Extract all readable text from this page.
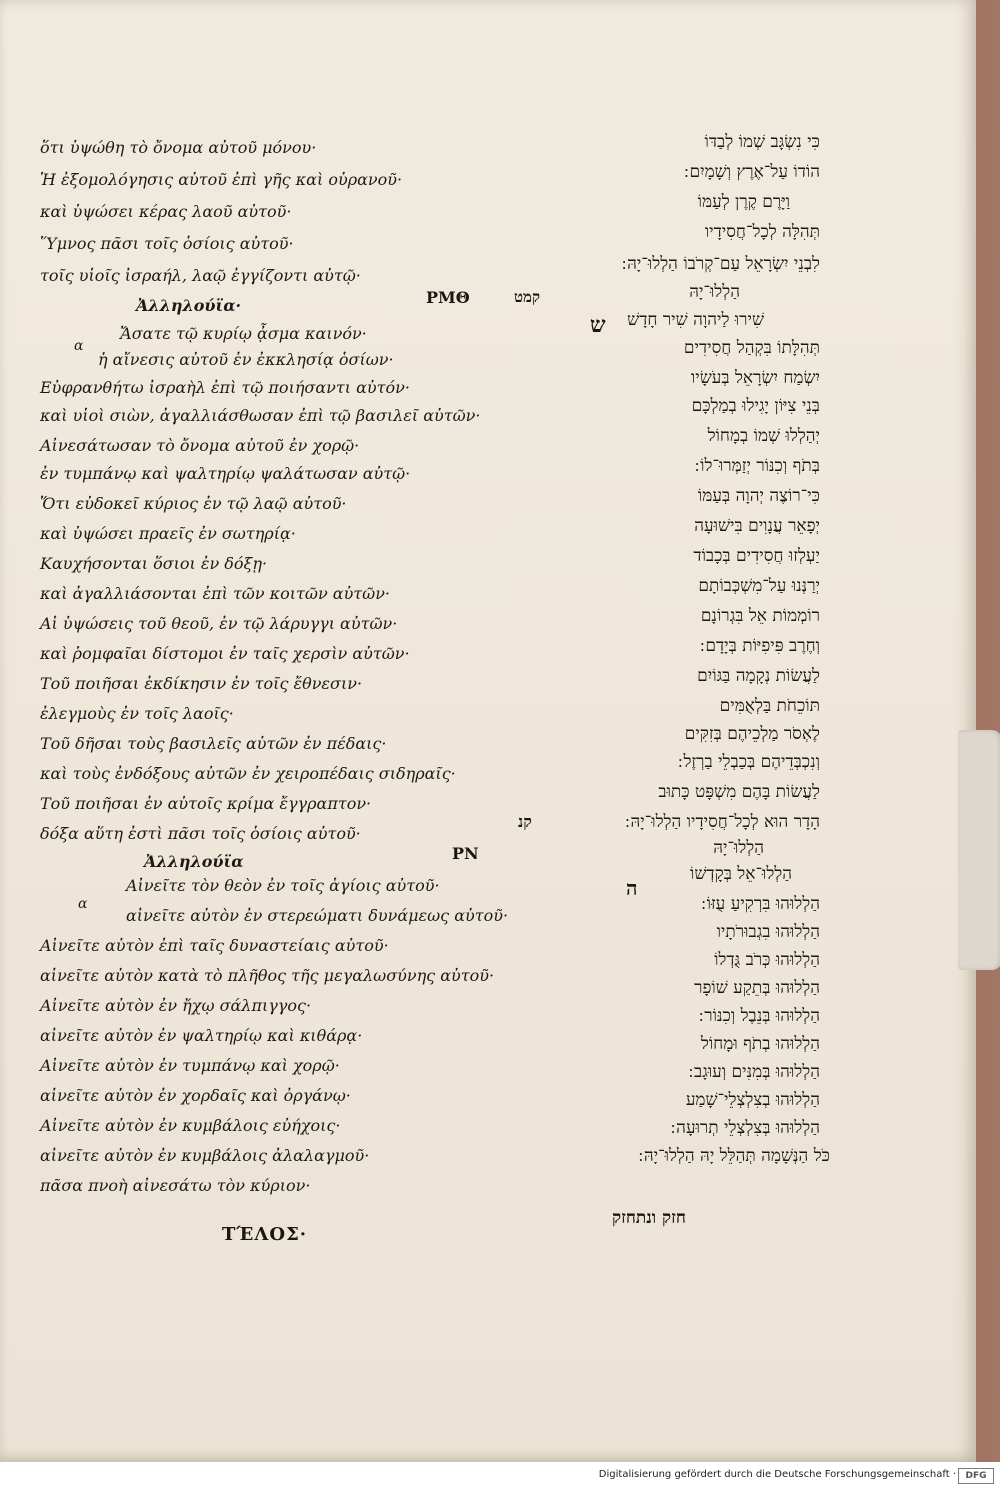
ὅτι ὑψώθη τὸ ὄνομα αὐτοῦ μόνου·
Ἡ ἐξομολόγησις αὐτοῦ ἐπὶ γῆς καὶ οὐρανοῦ·
καὶ ὑψώσει κέρας λαοῦ αὐτοῦ·
Ὕμνος πᾶσι τοῖς ὁσίοις αὐτοῦ·
τοῖς υἱοῖς ἰσραήλ, λαῷ ἐγγίζοντι αὐτῷ·
Ἀλληλούϊα·
Ἄσατε τῷ κυρίῳ ᾆσμα καινόν·
α
ἡ αἴνεσις αὐτοῦ ἐν ἐκκλησίᾳ ὁσίων·
Εὐφρανθήτω ἰσραὴλ ἐπὶ τῷ ποιήσαντι αὐτόν·
καὶ υἱοὶ σιὼν, ἀγαλλιάσθωσαν ἐπὶ τῷ βασιλεῖ αὐτῶν·
Αἰνεσάτωσαν τὸ ὄνομα αὐτοῦ ἐν χορῷ·
ἐν τυμπάνῳ καὶ ψαλτηρίῳ ψαλάτωσαν αὐτῷ·
Ὅτι εὐδοκεῖ κύριος ἐν τῷ λαῷ αὐτοῦ·
καὶ ὑψώσει πραεῖς ἐν σωτηρίᾳ·
Καυχήσονται ὅσιοι ἐν δόξῃ·
καὶ ἀγαλλιάσονται ἐπὶ τῶν κοιτῶν αὐτῶν·
Αἱ ὑψώσεις τοῦ θεοῦ, ἐν τῷ λάρυγγι αὐτῶν·
καὶ ῥομφαῖαι δίστομοι ἐν ταῖς χερσὶν αὐτῶν·
Τοῦ ποιῆσαι ἐκδίκησιν ἐν τοῖς ἔθνεσιν·
ἐλεγμοὺς ἐν τοῖς λαοῖς·
Τοῦ δῆσαι τοὺς βασιλεῖς αὐτῶν ἐν πέδαις·
καὶ τοὺς ἐνδόξους αὐτῶν ἐν χειροπέδαις σιδηραῖς·
Τοῦ ποιῆσαι ἐν αὐτοῖς κρίμα ἔγγραπτον·
δόξα αὕτη ἐστὶ πᾶσι τοῖς ὁσίοις αὐτοῦ·
Ἀλληλούϊα
Αἰνεῖτε τὸν θεὸν ἐν τοῖς ἁγίοις αὐτοῦ·
α
αἰνεῖτε αὐτὸν ἐν στερεώματι δυνάμεως αὐτοῦ·
Αἰνεῖτε αὐτὸν ἐπὶ ταῖς δυναστείαις αὐτοῦ·
αἰνεῖτε αὐτὸν κατὰ τὸ πλῆθος τῆς μεγαλωσύνης αὐτοῦ·
Αἰνεῖτε αὐτὸν ἐν ἤχῳ σάλπιγγος·
αἰνεῖτε αὐτὸν ἐν ψαλτηρίῳ καὶ κιθάρᾳ·
Αἰνεῖτε αὐτὸν ἐν τυμπάνῳ καὶ χορῷ·
αἰνεῖτε αὐτὸν ἐν χορδαῖς καὶ ὀργάνῳ·
Αἰνεῖτε αὐτὸν ἐν κυμβάλοις εὐήχοις·
αἰνεῖτε αὐτὸν ἐν κυμβάλοις ἀλαλαγμοῦ·
πᾶσα πνοὴ αἰνεσάτω τὸν κύριον·
ΤΈΛΟΣ·
ΡΜΘ	קמט
ש
ΡΝ
קנ
ה
כִּי נִשְׂגָּב שְׁמוֹ לְבַדּוֹ
הוֹדוֹ עַל־אֶרֶץ וְשָׁמָיִם ׃
וַיָּרֶם קֶרֶן לְעַמּוֹ
תְּהִלָּה לְכָל־חֲסִידָיו
לִבְנֵי יִשְׂרָאֵל עַם־קְרֹבוֹ הַלְלוּ־יָהּ ׃
הַלְלוּ־יָהּ
שִׁירוּ לַיהוָה שִׁיר חָדָשׁ
תְּהִלָּתוֹ בִּקְהַל חֲסִידִים
יִשְׂמַח יִשְׂרָאֵל בְּעֹשָׂיו
בְּנֵי צִיּוֹן יָגִילוּ בְמַלְכָּם
יְהַלְלוּ שְׁמוֹ בְמָחוֹל
בְּתֹף וְכִנּוֹר יְזַמְּרוּ־לוֹ ׃
כִּי־רוֹצֶה יְהוָה בְּעַמּוֹ
יְפָאֵר עֲנָוִים בִּישׁוּעָה
יַעְלְזוּ חֲסִידִים בְּכָבוֹד
יְרַנְּנוּ עַל־מִשְׁכְּבוֹתָם
רוֹמְמוֹת אֵל בִּגְרוֹנָם
וְחֶרֶב פִּיפִיּוֹת בְּיָדָם ׃
לַעֲשׂוֹת נְקָמָה בַּגּוֹיִם
תּוֹכֵחֹת בַּלְאֻמִּים
לֶאְסֹר מַלְכֵיהֶם בְּזִקִּים
וְנִכְבְּדֵיהֶם בְּכַבְלֵי בַרְזֶל ׃
לַעֲשׂוֹת בָּהֶם מִשְׁפָּט כָּתוּב
הָדָר הוּא לְכָל־חֲסִידָיו הַלְלוּ־יָהּ ׃
הַלְלוּ־יָהּ
הַלְלוּ־אֵל בְּקָדְשׁוֹ
הַלְלוּהוּ בִּרְקִיעַ עֻזּוֹ ׃
הַלְלוּהוּ בִגְבוּרֹתָיו
הַלְלוּהוּ כְּרֹב גֻּדְלוֹ
הַלְלוּהוּ בְּתֵקַע שׁוֹפָר
הַלְלוּהוּ בְּנֵבֶל וְכִנּוֹר ׃
הַלְלוּהוּ בְתֹף וּמָחוֹל
הַלְלוּהוּ בְּמִנִּים וְעוּגָב ׃
הַלְלוּהוּ בְצִלְצְלֵי־שָׁמַע
הַלְלוּהוּ בְּצִלְצְלֵי תְרוּעָה ׃
כֹּל הַנְּשָׁמָה תְּהַלֵּל יָהּ הַלְלוּ־יָהּ ׃
חזק ונתחזק
Digitalisierung gefördert durch die Deutsche Forschungsgemeinschaft ·	DFG
